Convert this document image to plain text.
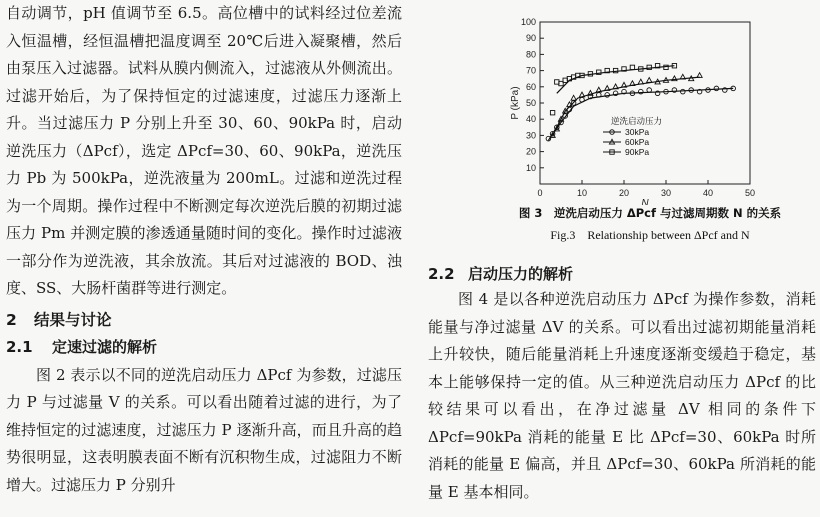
自动调节，pH 值调节至 6.5。高位槽中的试料经过位差流入恒温槽，经恒温槽把温度调至 20℃后进入凝聚槽，然后由泵压入过滤器。试料从膜内侧流入，过滤液从外侧流出。过滤开始后，为了保持恒定的过滤速度，过滤压力逐渐上升。当过滤压力 P 分别上升至 30、60、90kPa 时，启动逆洗压力（ΔPcf），选定 ΔPcf=30、60、90kPa，逆洗压力 Pb 为 500kPa，逆洗液量为 200mL。过滤和逆洗过程为一个周期。操作过程中不断测定每次逆洗后膜的初期过滤压力 Pm 并测定膜的渗透通量随时间的变化。操作时过滤液一部分作为逆洗液，其余放流。其后对过滤液的 BOD、浊度、SS、大肠杆菌群等进行测定。

2 结果与讨论
2.1 定速过滤的解析

图 2 表示以不同的逆洗启动压力 ΔPcf 为参数，过滤压力 P 与过滤量 V 的关系。可以看出随着过滤的进行，为了维持恒定的过滤速度，过滤压力 P 逐渐升高，而且升高的趋势很明显，这表明膜表面不断有沉积物生成，过滤阻力不断增大。过滤压力 P 分别升

N
P (kPa)
0	10	20	30	40	50
10
20
30
40
50
60
70
80
90
100
逆洗启动压力
30kPa
60kPa
90kPa
图 3　逆洗启动压力 ΔPcf 与过滤周期数 N 的关系
Fig.3　Relationship between ΔPcf and N
2.2 启动压力的解析

图 4 是以各种逆洗启动压力 ΔPcf 为操作参数，消耗能量与净过滤量 ΔV 的关系。可以看出过滤初期能量消耗上升较快，随后能量消耗上升速度逐渐变缓趋于稳定，基本上能够保持一定的值。从三种逆洗启动压力 ΔPcf 的比较结果可以看出，在净过滤量 ΔV 相同的条件下 ΔPcf=90kPa 消耗的能量 E 比 ΔPcf=30、60kPa 时所消耗的能量 E 偏高，并且 ΔPcf=30、60kPa 所消耗的能量 E 基本相同。
